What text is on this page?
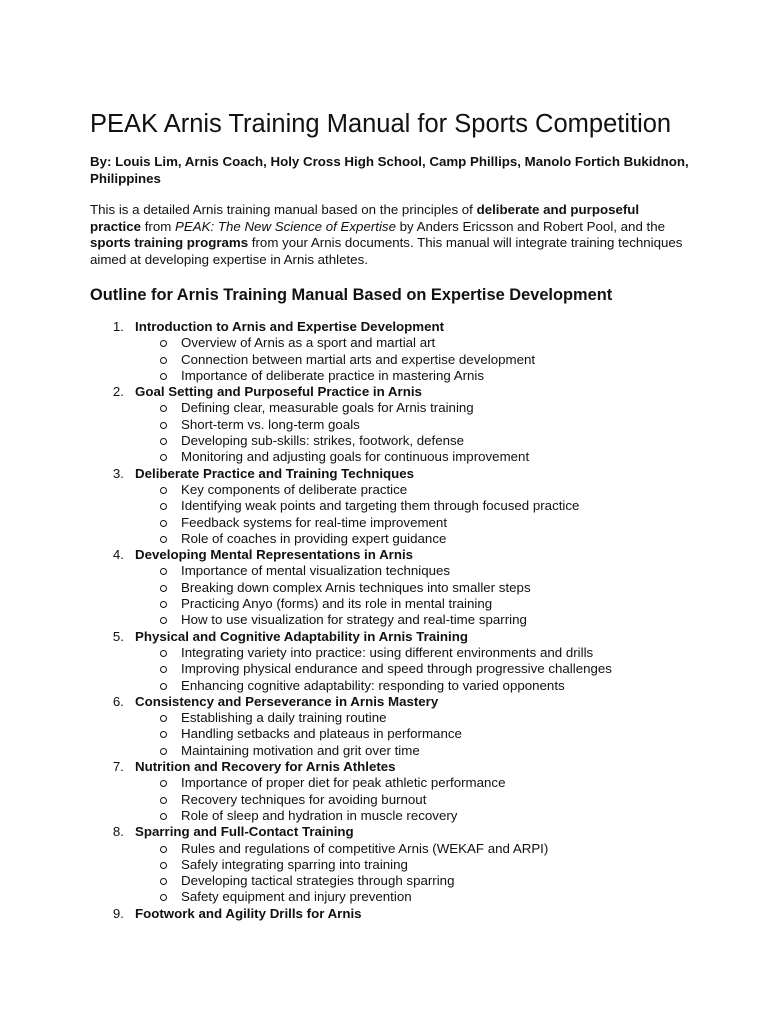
PEAK Arnis Training Manual for Sports Competition

By: Louis Lim, Arnis Coach, Holy Cross High School, Camp Phillips, Manolo Fortich Bukidnon, Philippines

This is a detailed Arnis training manual based on the principles of deliberate and purposeful practice from PEAK: The New Science of Expertise by Anders Ericsson and Robert Pool, and the sports training programs from your Arnis documents. This manual will integrate training techniques aimed at developing expertise in Arnis athletes.

Outline for Arnis Training Manual Based on Expertise Development
1. Introduction to Arnis and Expertise Development
Overview of Arnis as a sport and martial art
Connection between martial arts and expertise development
Importance of deliberate practice in mastering Arnis
2. Goal Setting and Purposeful Practice in Arnis
Defining clear, measurable goals for Arnis training
Short-term vs. long-term goals
Developing sub-skills: strikes, footwork, defense
Monitoring and adjusting goals for continuous improvement
3. Deliberate Practice and Training Techniques
Key components of deliberate practice
Identifying weak points and targeting them through focused practice
Feedback systems for real-time improvement
Role of coaches in providing expert guidance
4. Developing Mental Representations in Arnis
Importance of mental visualization techniques
Breaking down complex Arnis techniques into smaller steps
Practicing Anyo (forms) and its role in mental training
How to use visualization for strategy and real-time sparring
5. Physical and Cognitive Adaptability in Arnis Training
Integrating variety into practice: using different environments and drills
Improving physical endurance and speed through progressive challenges
Enhancing cognitive adaptability: responding to varied opponents
6. Consistency and Perseverance in Arnis Mastery
Establishing a daily training routine
Handling setbacks and plateaus in performance
Maintaining motivation and grit over time
7. Nutrition and Recovery for Arnis Athletes
Importance of proper diet for peak athletic performance
Recovery techniques for avoiding burnout
Role of sleep and hydration in muscle recovery
8. Sparring and Full-Contact Training
Rules and regulations of competitive Arnis (WEKAF and ARPI)
Safely integrating sparring into training
Developing tactical strategies through sparring
Safety equipment and injury prevention
9. Footwork and Agility Drills for Arnis
